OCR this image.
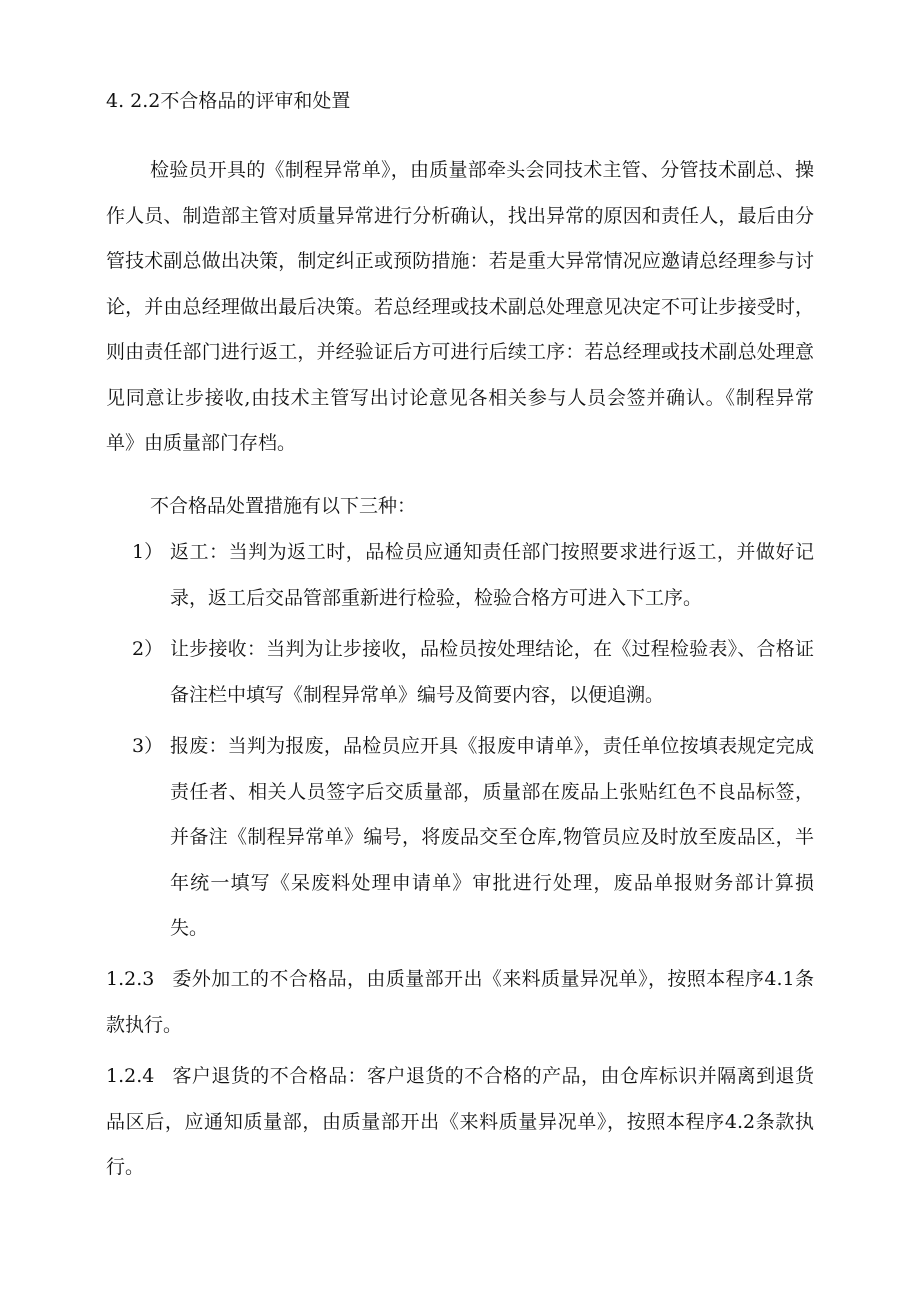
4. 2.2不合格品的评审和处置
检验员开具的《制程异常单》，由质量部牵头会同技术主管、分管技术副总、操作人员、制造部主管对质量异常进行分析确认，找出异常的原因和责任人，最后由分管技术副总做出决策，制定纠正或预防措施：若是重大异常情况应邀请总经理参与讨论，并由总经理做出最后决策。若总经理或技术副总处理意见决定不可让步接受时，则由责任部门进行返工，并经验证后方可进行后续工序：若总经理或技术副总处理意见同意让步接收,由技术主管写出讨论意见各相关参与人员会签并确认。《制程异常单》由质量部门存档。
不合格品处置措施有以下三种：
1） 返工：当判为返工时，品检员应通知责任部门按照要求进行返工，并做好记录，返工后交品管部重新进行检验，检验合格方可进入下工序。
2） 让步接收：当判为让步接收，品检员按处理结论，在《过程检验表》、合格证备注栏中填写《制程异常单》编号及简要内容，以便追溯。
3） 报废：当判为报废，品检员应开具《报废申请单》，责任单位按填表规定完成责任者、相关人员签字后交质量部，质量部在废品上张贴红色不良品标签，并备注《制程异常单》编号，将废品交至仓库,物管员应及时放至废品区，半年统一填写《呆废料处理申请单》审批进行处理，废品单报财务部计算损失。
1.2.3 委外加工的不合格品，由质量部开出《来料质量异况单》，按照本程序4.1条款执行。
1.2.4 客户退货的不合格品：客户退货的不合格的产品，由仓库标识并隔离到退货品区后，应通知质量部，由质量部开出《来料质量异况单》，按照本程序4.2条款执行。
